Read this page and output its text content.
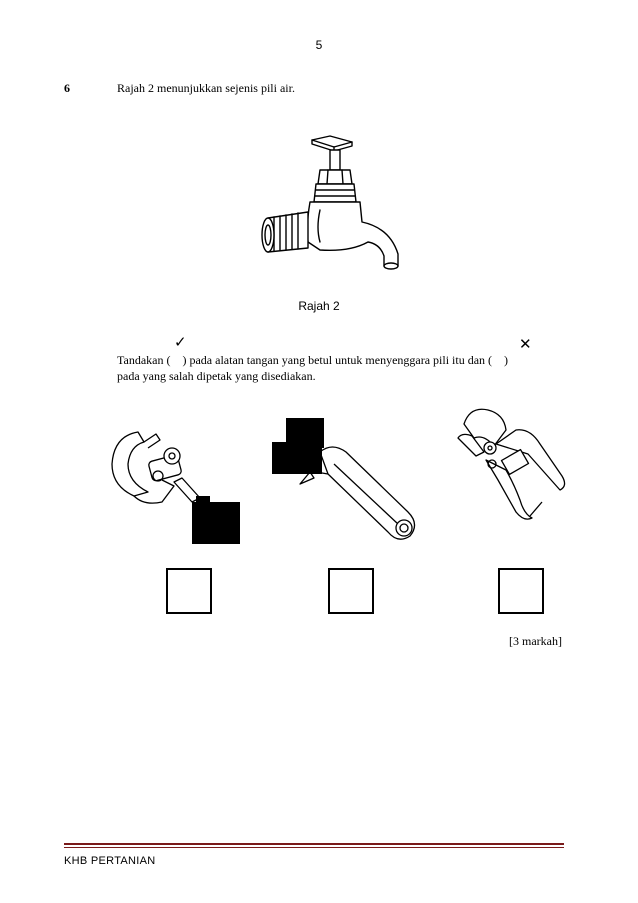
5
6	Rajah 2 menunjukkan sejenis pili air.
Rajah 2
Tandakan ( ) pada alatan tangan yang betul untuk menyenggara pili itu dan ( )
pada yang salah dipetak yang disediakan.
✓	✕
[3 markah]
KHB PERTANIAN
